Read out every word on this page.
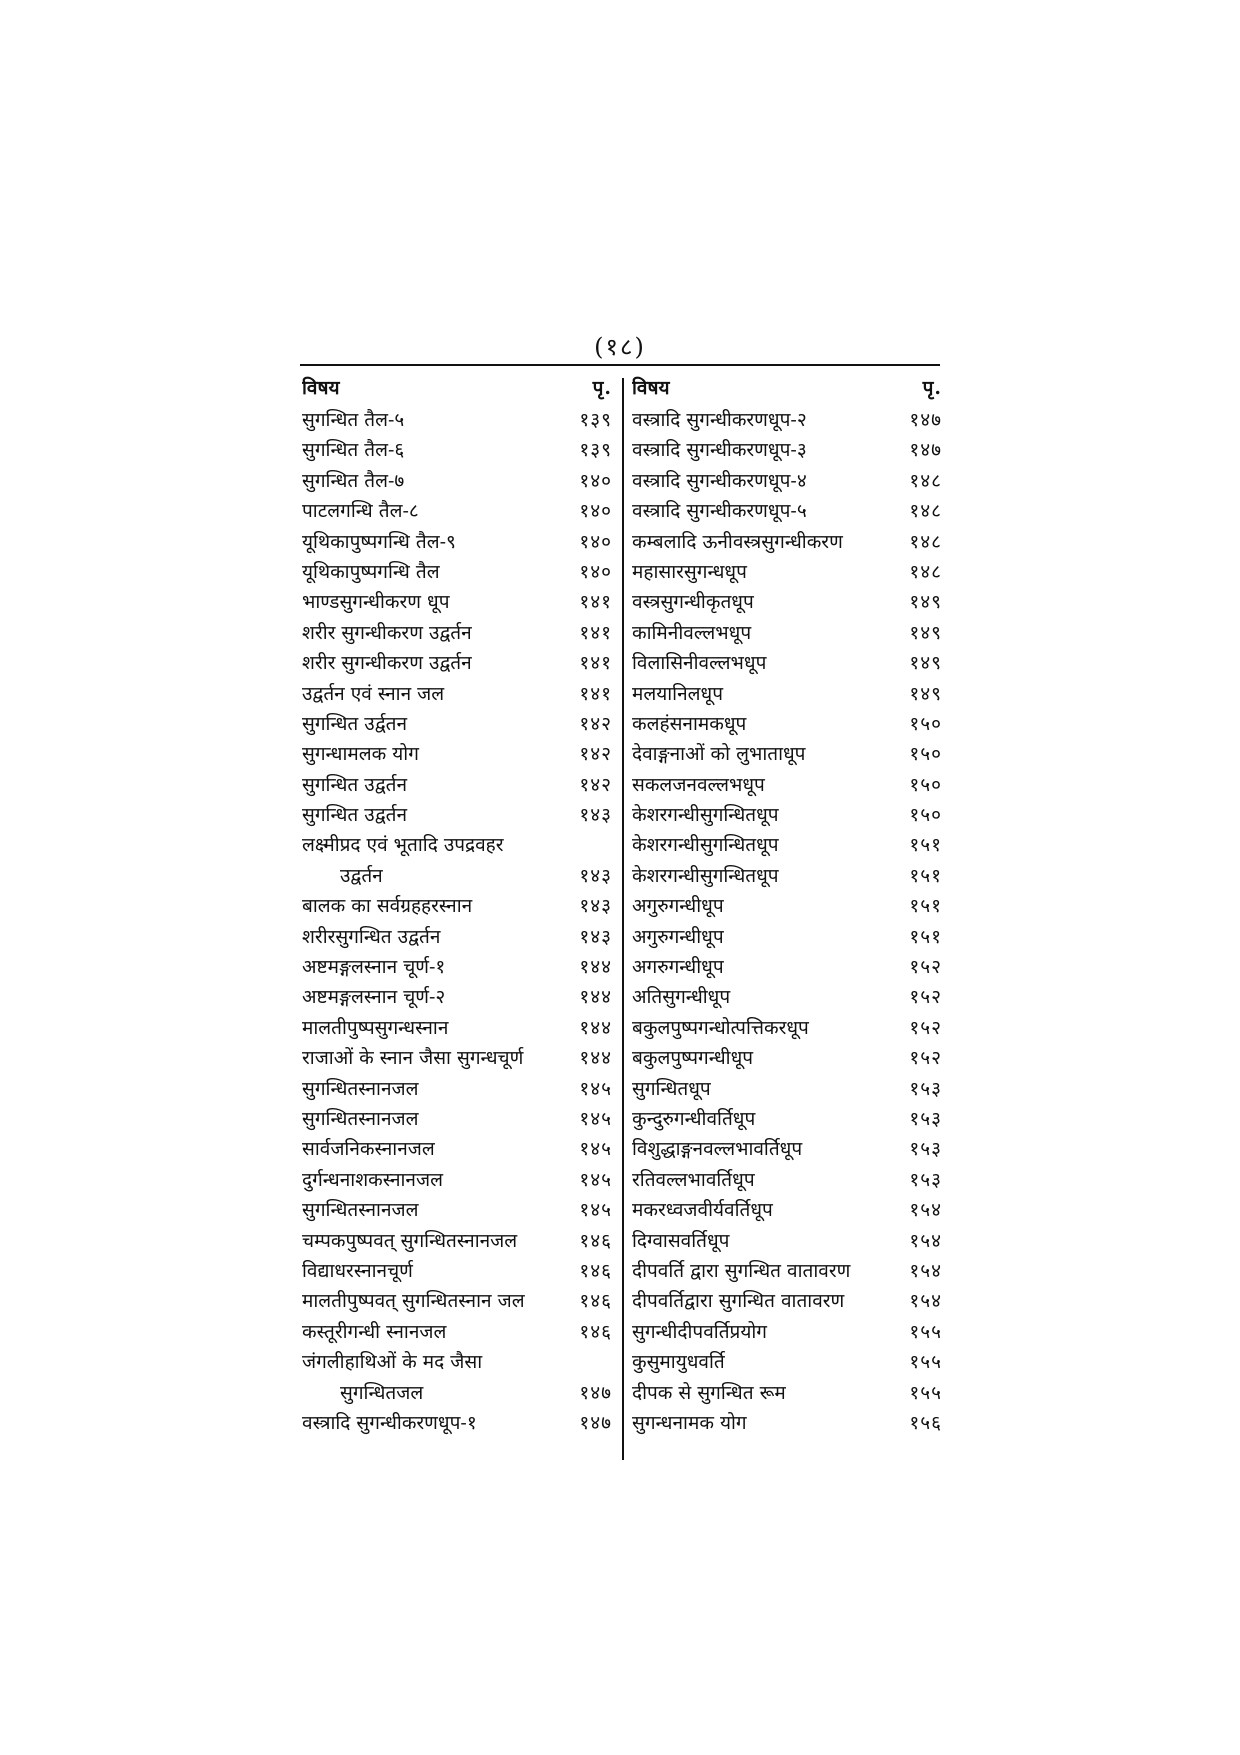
(१८)
विषय	पृ.
सुगन्धित तैल-५	१३९
सुगन्धित तैल-६	१३९
सुगन्धित तैल-७	१४०
पाटलगन्धि तैल-८	१४०
यूथिकापुष्पगन्धि तैल-९	१४०
यूथिकापुष्पगन्धि तैल	१४०
भाण्डसुगन्धीकरण धूप	१४१
शरीर सुगन्धीकरण उद्वर्तन	१४१
शरीर सुगन्धीकरण उद्वर्तन	१४१
उद्वर्तन एवं स्नान जल	१४१
सुगन्धित उर्द्वतन	१४२
सुगन्धामलक योग	१४२
सुगन्धित उद्वर्तन	१४२
सुगन्धित उद्वर्तन	१४३
लक्ष्मीप्रद एवं भूतादि उपद्रवहर
उद्वर्तन	१४३
बालक का सर्वग्रहहरस्नान	१४३
शरीरसुगन्धित उद्वर्तन	१४३
अष्टमङ्गलस्नान चूर्ण-१	१४४
अष्टमङ्गलस्नान चूर्ण-२	१४४
मालतीपुष्पसुगन्धस्नान	१४४
राजाओं के स्नान जैसा सुगन्धचूर्ण	१४४
सुगन्धितस्नानजल	१४५
सुगन्धितस्नानजल	१४५
सार्वजनिकस्नानजल	१४५
दुर्गन्धनाशकस्नानजल	१४५
सुगन्धितस्नानजल	१४५
चम्पकपुष्पवत् सुगन्धितस्नानजल	१४६
विद्याधरस्नानचूर्ण	१४६
मालतीपुष्पवत् सुगन्धितस्नान जल	१४६
कस्तूरीगन्धी स्नानजल	१४६
जंगलीहाथिओं के मद जैसा
सुगन्धितजल	१४७
वस्त्रादि सुगन्धीकरणधूप-१	१४७
विषय	पृ.
वस्त्रादि सुगन्धीकरणधूप-२	१४७
वस्त्रादि सुगन्धीकरणधूप-३	१४७
वस्त्रादि सुगन्धीकरणधूप-४	१४८
वस्त्रादि सुगन्धीकरणधूप-५	१४८
कम्बलादि ऊनीवस्त्रसुगन्धीकरण	१४८
महासारसुगन्धधूप	१४८
वस्त्रसुगन्धीकृतधूप	१४९
कामिनीवल्लभधूप	१४९
विलासिनीवल्लभधूप	१४९
मलयानिलधूप	१४९
कलहंसनामकधूप	१५०
देवाङ्गनाओं को लुभाताधूप	१५०
सकलजनवल्लभधूप	१५०
केशरगन्धीसुगन्धितधूप	१५०
केशरगन्धीसुगन्धितधूप	१५१
केशरगन्धीसुगन्धितधूप	१५१
अगुरुगन्धीधूप	१५१
अगुरुगन्धीधूप	१५१
अगरुगन्धीधूप	१५२
अतिसुगन्धीधूप	१५२
बकुलपुष्पगन्धोत्पत्तिकरधूप	१५२
बकुलपुष्पगन्धीधूप	१५२
सुगन्धितधूप	१५३
कुन्दुरुगन्धीवर्तिधूप	१५३
विशुद्धाङ्गनवल्लभावर्तिधूप	१५३
रतिवल्लभावर्तिधूप	१५३
मकरध्वजवीर्यवर्तिधूप	१५४
दिग्वासवर्तिधूप	१५४
दीपवर्ति द्वारा सुगन्धित वातावरण	१५४
दीपवर्तिद्वारा सुगन्धित वातावरण	१५४
सुगन्धीदीपवर्तिप्रयोग	१५५
कुसुमायुधवर्ति	१५५
दीपक से सुगन्धित रूम	१५५
सुगन्धनामक योग	१५६
